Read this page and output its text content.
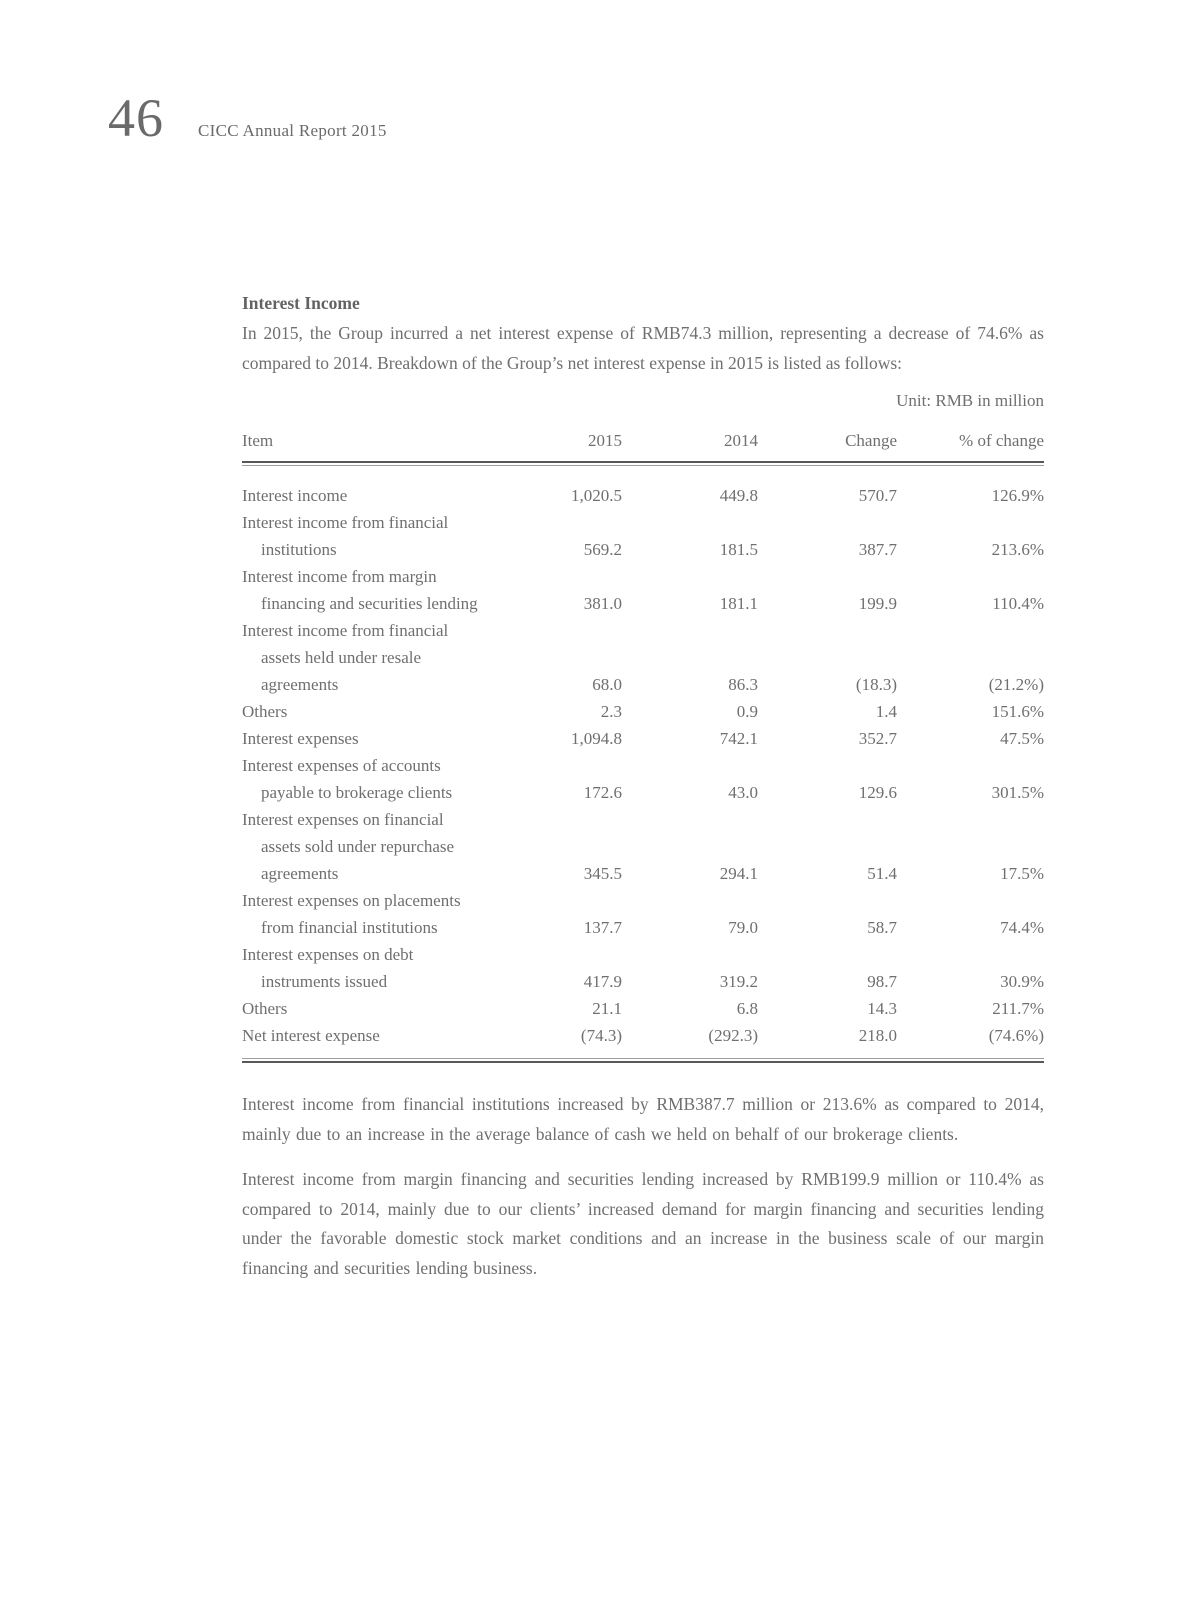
46 CICC Annual Report 2015
Interest Income

In 2015, the Group incurred a net interest expense of RMB74.3 million, representing a decrease of 74.6% as compared to 2014. Breakdown of the Group’s net interest expense in 2015 is listed as follows:

Unit: RMB in million
Item	2015	2014	Change	% of change

Interest income	1,020.5	449.8	570.7	126.9%

Interest income from financial
institutions	569.2	181.5	387.7	213.6%

Interest income from margin
financing and securities lending	381.0	181.1	199.9	110.4%

Interest income from financial
assets held under resale
agreements	68.0	86.3	(18.3)	(21.2%)

Others	2.3	0.9	1.4	151.6%

Interest expenses	1,094.8	742.1	352.7	47.5%

Interest expenses of accounts
payable to brokerage clients	172.6	43.0	129.6	301.5%

Interest expenses on financial
assets sold under repurchase
agreements	345.5	294.1	51.4	17.5%

Interest expenses on placements
from financial institutions	137.7	79.0	58.7	74.4%

Interest expenses on debt
instruments issued	417.9	319.2	98.7	30.9%

Others	21.1	6.8	14.3	211.7%

Net interest expense	(74.3)	(292.3)	218.0	(74.6%)

Interest income from financial institutions increased by RMB387.7 million or 213.6% as compared to 2014, mainly due to an increase in the average balance of cash we held on behalf of our brokerage clients.

Interest income from margin financing and securities lending increased by RMB199.9 million or 110.4% as compared to 2014, mainly due to our clients’ increased demand for margin financing and securities lending under the favorable domestic stock market conditions and an increase in the business scale of our margin financing and securities lending business.
